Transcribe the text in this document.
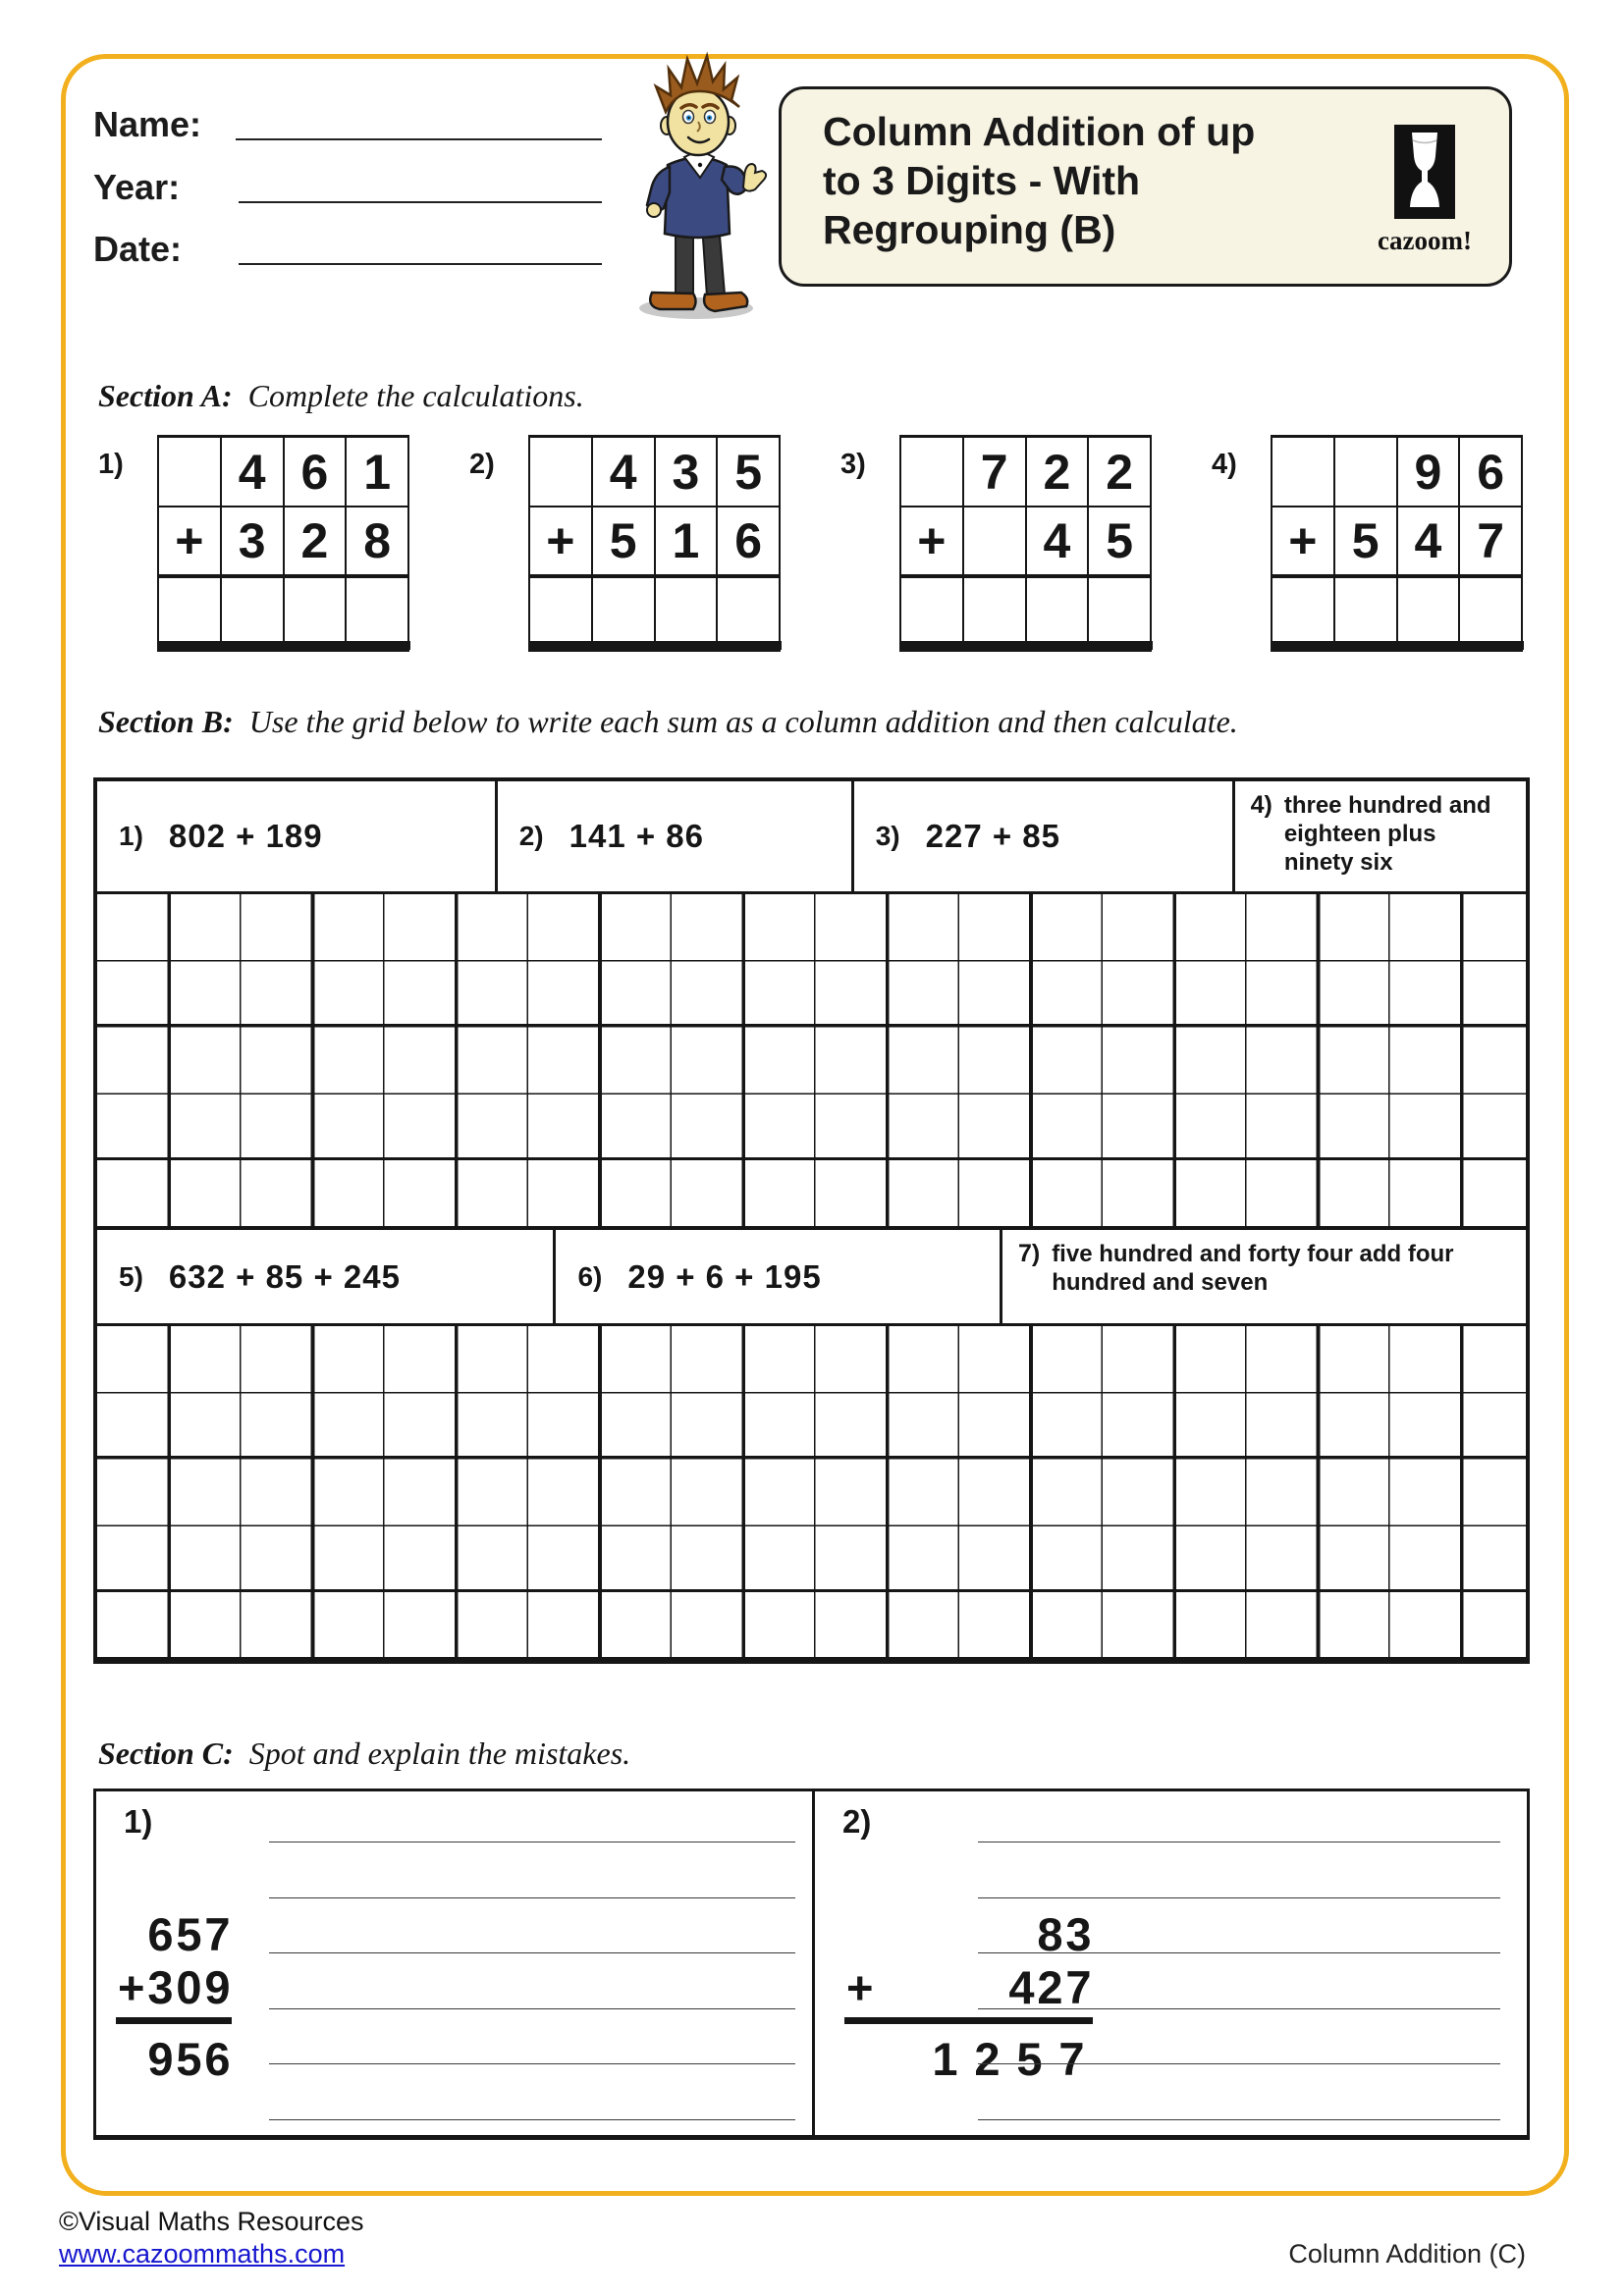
Name:
Year:
Date:
Column Addition of up
to 3 Digits - With
Regrouping (B)	cazoom!
Section A: Complete the calculations.
Section B: Use the grid below to write each sum as a column addition and then calculate.
Section C: Spot and explain the mistakes.
1)	4 6 1
+ 3 2 8
2)	4 3 5
+ 5 1 6
3)	7 2 2
+	4 5
4)	9 6
+ 5 4 7
1) 802 + 189	2) 141 + 86	3) 227 + 85
4) three hundred and eighteen plus ninety six
5) 632 + 85 + 245	6) 29 + 6 + 195
7) five hundred and forty four add four hundred and seven
1)
657
+ 309
956
2)
83
+	427
1 2 5 7
©Visual Maths Resources
www.cazoommaths.com	Column Addition (C)
